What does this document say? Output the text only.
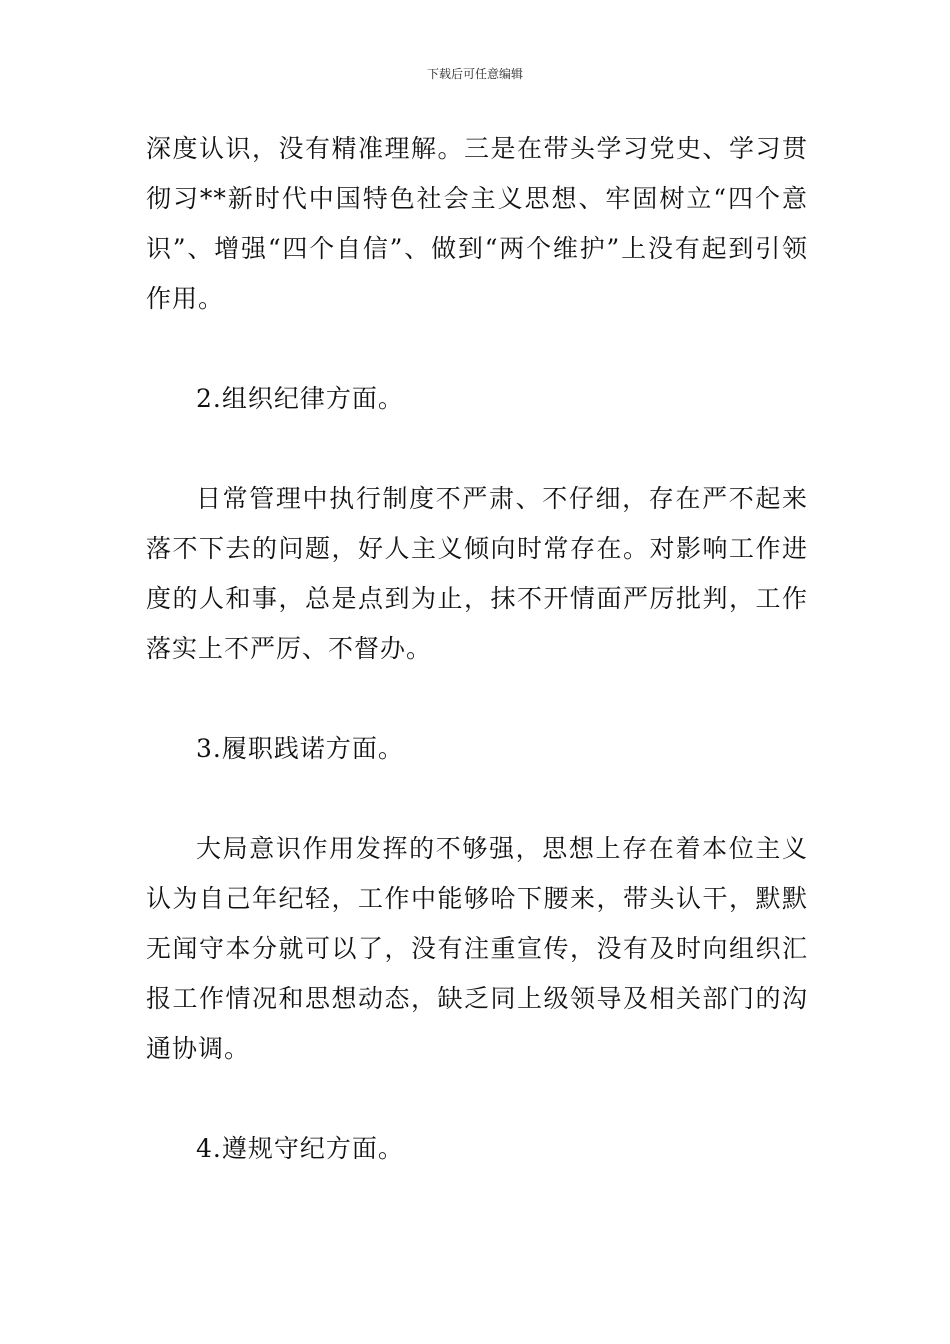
下载后可任意编辑

深度认识，没有精准理解。三是在带头学习党史、学习贯彻习**新时代中国特色社会主义思想、牢固树立“四个意识”、增强“四个自信”、做到“两个维护”上没有起到引领作用。

2.组织纪律方面。

日常管理中执行制度不严肃、不仔细，存在严不起来落不下去的问题，好人主义倾向时常存在。对影响工作进度的人和事，总是点到为止，抹不开情面严厉批判，工作落实上不严厉、不督办。

3.履职践诺方面。

大局意识作用发挥的不够强，思想上存在着本位主义认为自己年纪轻，工作中能够哈下腰来，带头认干，默默无闻守本分就可以了，没有注重宣传，没有及时向组织汇报工作情况和思想动态，缺乏同上级领导及相关部门的沟通协调。

4.遵规守纪方面。
